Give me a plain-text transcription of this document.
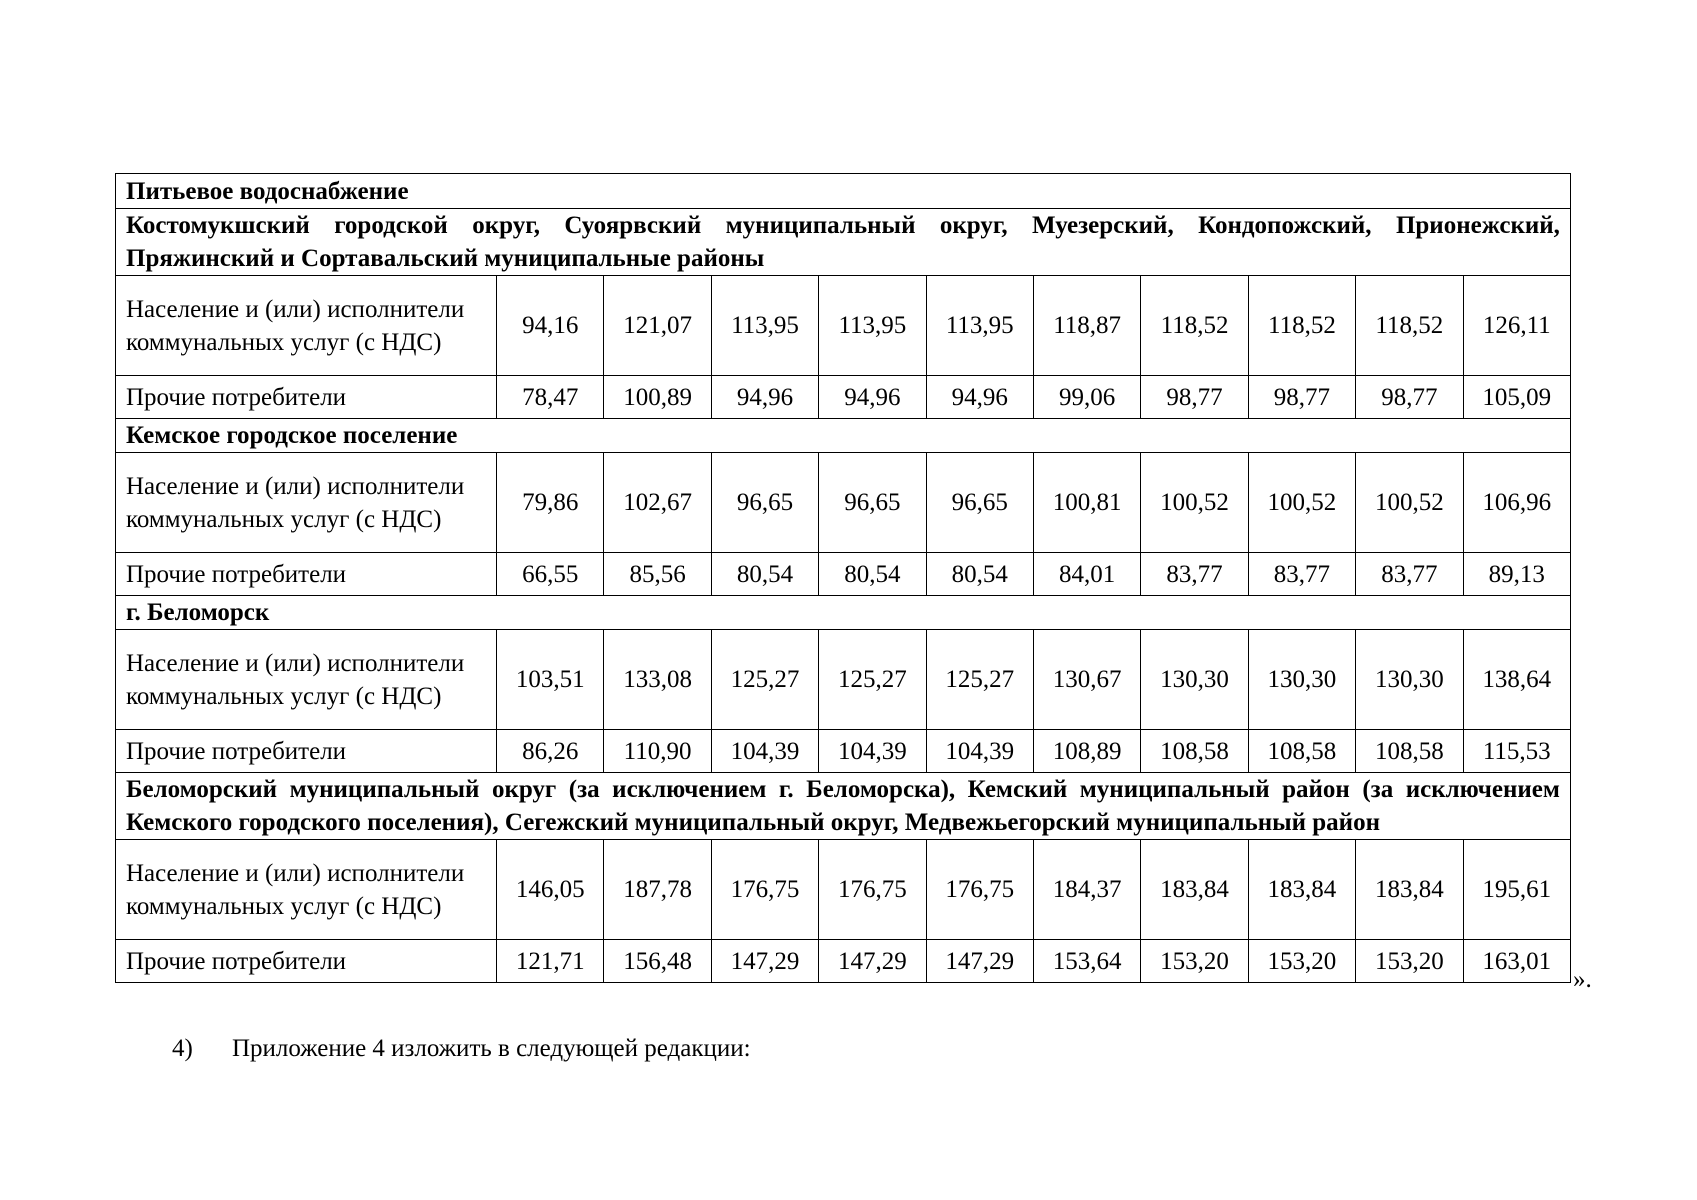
Питьевое водоснабжение										
Костомукшский городской округ, Суоярвский муниципальный округ, Муезерский, Кондопожский, Прионежский, Пряжинский и Сортавальский муниципальные районы										
Население и (или) исполнители коммунальных услуг (с НДС)	94,16	121,07	113,95	113,95	113,95	118,87	118,52	118,52	118,52	126,11
Прочие потребители	78,47	100,89	94,96	94,96	94,96	99,06	98,77	98,77	98,77	105,09
Кемское городское поселение										
Население и (или) исполнители коммунальных услуг (с НДС)	79,86	102,67	96,65	96,65	96,65	100,81	100,52	100,52	100,52	106,96
Прочие потребители	66,55	85,56	80,54	80,54	80,54	84,01	83,77	83,77	83,77	89,13
г. Беломорск										
Население и (или) исполнители коммунальных услуг (с НДС)	103,51	133,08	125,27	125,27	125,27	130,67	130,30	130,30	130,30	138,64
Прочие потребители	86,26	110,90	104,39	104,39	104,39	108,89	108,58	108,58	108,58	115,53
Беломорский муниципальный округ (за исключением г. Беломорска), Кемский муниципальный район (за исключением Кемского городского поселения), Сегежский муниципальный округ, Медвежьегорский муниципальный район										
Население и (или) исполнители коммунальных услуг (с НДС)	146,05	187,78	176,75	176,75	176,75	184,37	183,84	183,84	183,84	195,61
Прочие потребители	121,71	156,48	147,29	147,29	147,29	153,64	153,20	153,20	153,20	163,01
».
4) Приложение 4 изложить в следующей редакции:
